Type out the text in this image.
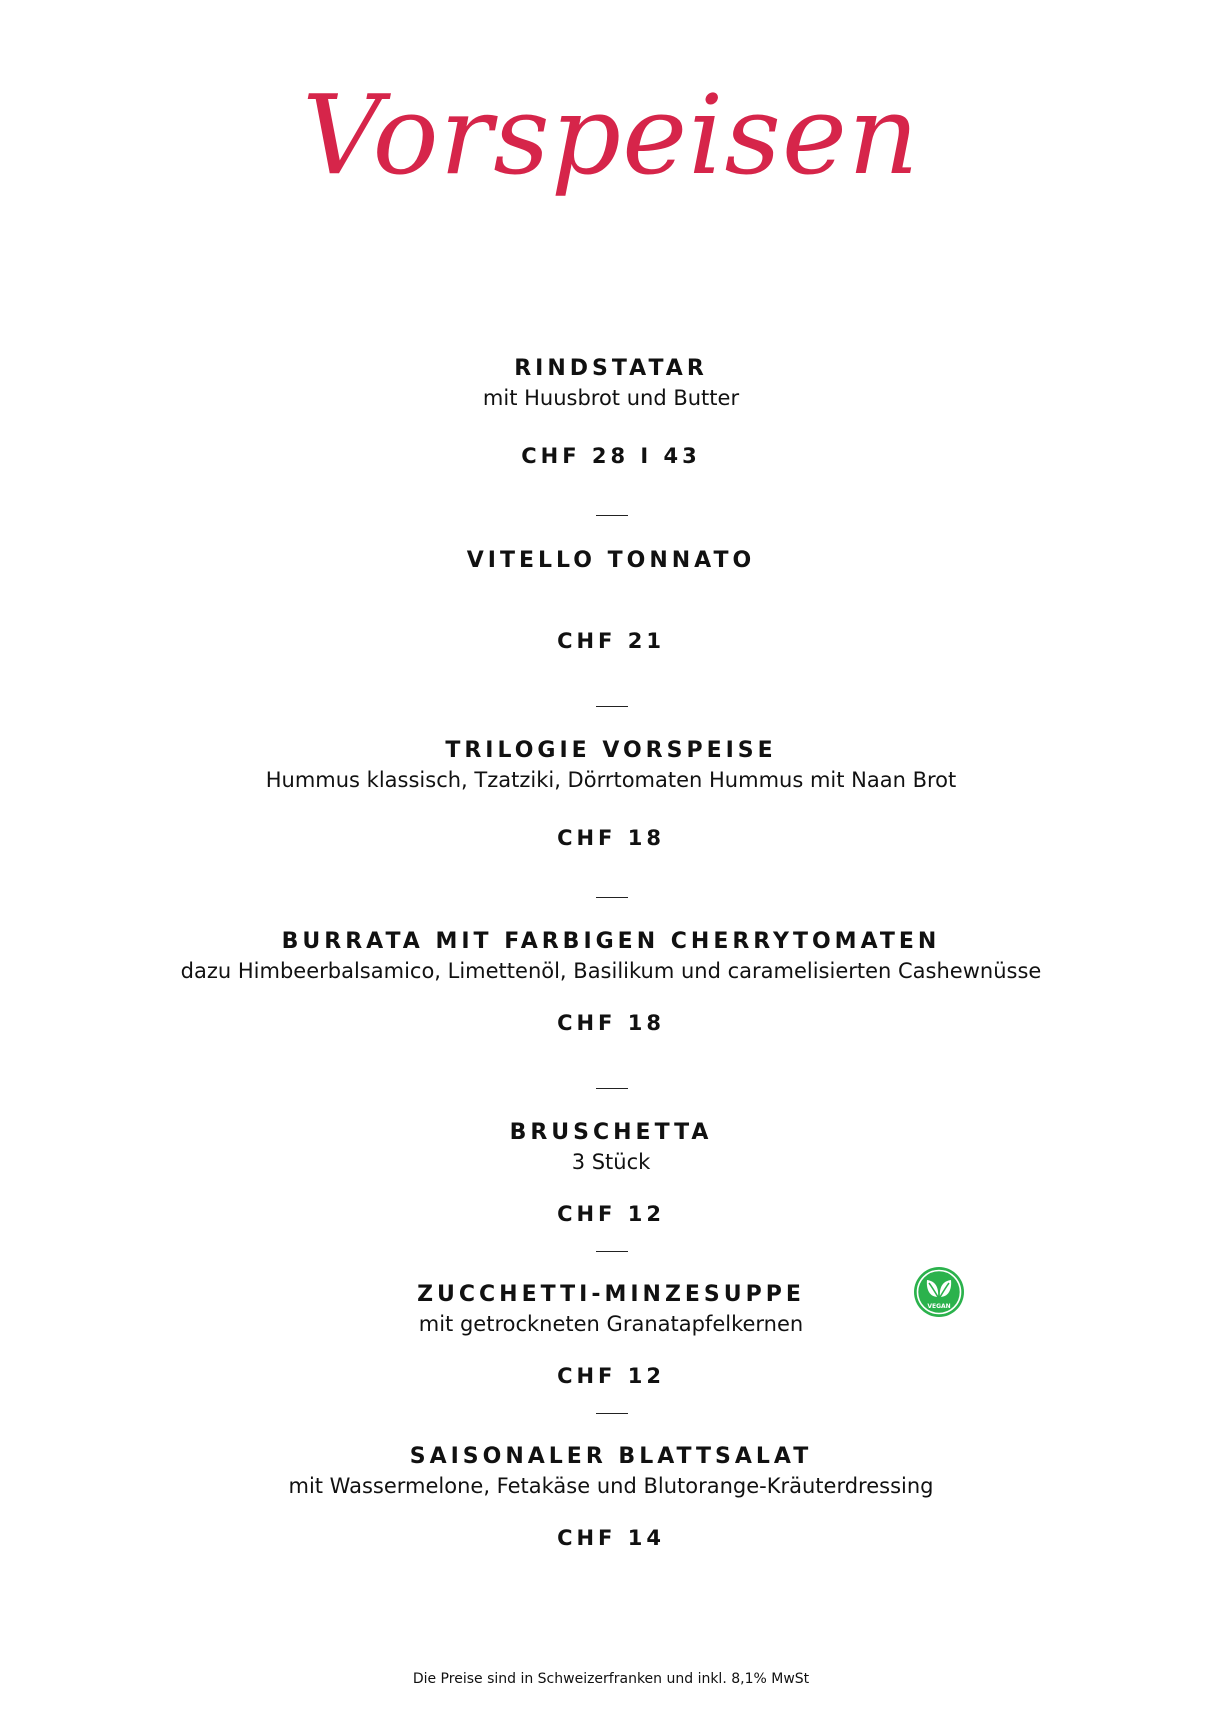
Vorspeisen
RINDSTATAR
mit Huusbrot und Butter
CHF 28 I 43
VITELLO TONNATO
CHF 21
TRILOGIE VORSPEISE
Hummus klassisch, Tzatziki, Dörrtomaten Hummus mit Naan Brot
CHF 18
BURRATA MIT FARBIGEN CHERRYTOMATEN
dazu Himbeerbalsamico, Limettenöl, Basilikum und caramelisierten Cashewnüsse
CHF 18
BRUSCHETTA
3 Stück
CHF 12
ZUCCHETTI-MINZESUPPE
mit getrockneten Granatapfelkernen
CHF 12
VEGAN
SAISONALER BLATTSALAT
mit Wassermelone, Fetakäse und Blutorange-Kräuterdressing
CHF 14
Die Preise sind in Schweizerfranken und inkl. 8,1% MwSt
